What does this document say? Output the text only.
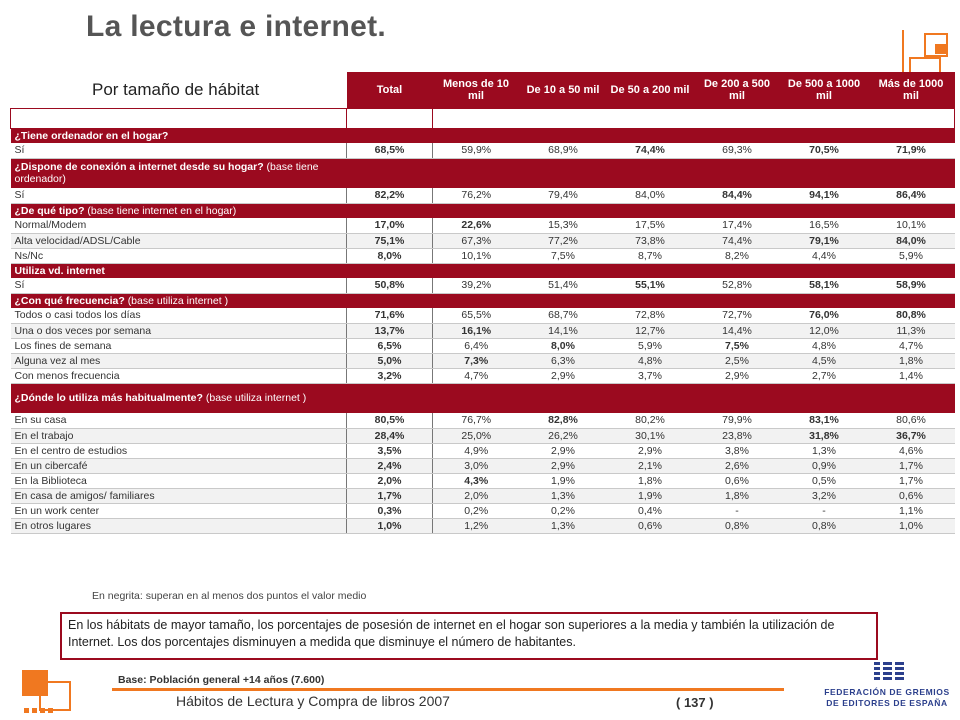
La lectura e internet.
	Total	Menos de 10 mil	De 10 a 50 mil	De 50 a 200 mil	De 200 a 500 mil	De 500 a 1000 mil	Más de 1000 mil

¿Tiene ordenador en el hogar?							
Sí	68,5%	59,9%	68,9%	74,4%	69,3%	70,5%	71,9%
¿Dispone de conexión a internet desde su hogar? (base tiene ordenador)							
Sí	82,2%	76,2%	79,4%	84,0%	84,4%	94,1%	86,4%
¿De qué tipo? (base tiene internet en el hogar)							
Normal/Modem	17,0%	22,6%	15,3%	17,5%	17,4%	16,5%	10,1%
Alta velocidad/ADSL/Cable	75,1%	67,3%	77,2%	73,8%	74,4%	79,1%	84,0%
Ns/Nc	8,0%	10,1%	7,5%	8,7%	8,2%	4,4%	5,9%
Utiliza vd. internet							
Sí	50,8%	39,2%	51,4%	55,1%	52,8%	58,1%	58,9%
¿Con qué frecuencia? (base utiliza internet )							
Todos o casi todos los días	71,6%	65,5%	68,7%	72,8%	72,7%	76,0%	80,8%
Una o dos veces por semana	13,7%	16,1%	14,1%	12,7%	14,4%	12,0%	11,3%
Los fines de semana	6,5%	6,4%	8,0%	5,9%	7,5%	4,8%	4,7%
Alguna vez al mes	5,0%	7,3%	6,3%	4,8%	2,5%	4,5%	1,8%
Con menos frecuencia	3,2%	4,7%	2,9%	3,7%	2,9%	2,7%	1,4%
¿Dónde lo utiliza más habitualmente? (base utiliza internet )							
En su casa	80,5%	76,7%	82,8%	80,2%	79,9%	83,1%	80,6%
En el trabajo	28,4%	25,0%	26,2%	30,1%	23,8%	31,8%	36,7%
En el centro de estudios	3,5%	4,9%	2,9%	2,9%	3,8%	1,3%	4,6%
En un cibercafé	2,4%	3,0%	2,9%	2,1%	2,6%	0,9%	1,7%
En la Biblioteca	2,0%	4,3%	1,9%	1,8%	0,6%	0,5%	1,7%
En casa de amigos/ familiares	1,7%	2,0%	1,3%	1,9%	1,8%	3,2%	0,6%
En un work center	0,3%	0,2%	0,2%	0,4%	-	-	1,1%
En otros lugares	1,0%	1,2%	1,3%	0,6%	0,8%	0,8%	1,0%
Por tamaño de hábitat
En negrita: superan en al menos dos puntos el valor medio
En los hábitats de mayor tamaño, los porcentajes de posesión de internet en el hogar son superiores a la media y también la utilización de Internet. Los dos porcentajes disminuyen a medida que disminuye el número de habitantes.
Base: Población general +14 años (7.600)
Hábitos de Lectura y Compra de libros 2007	( 137 )
FEDERACIÓN DE GREMIOS
DE EDITORES DE ESPAÑA
